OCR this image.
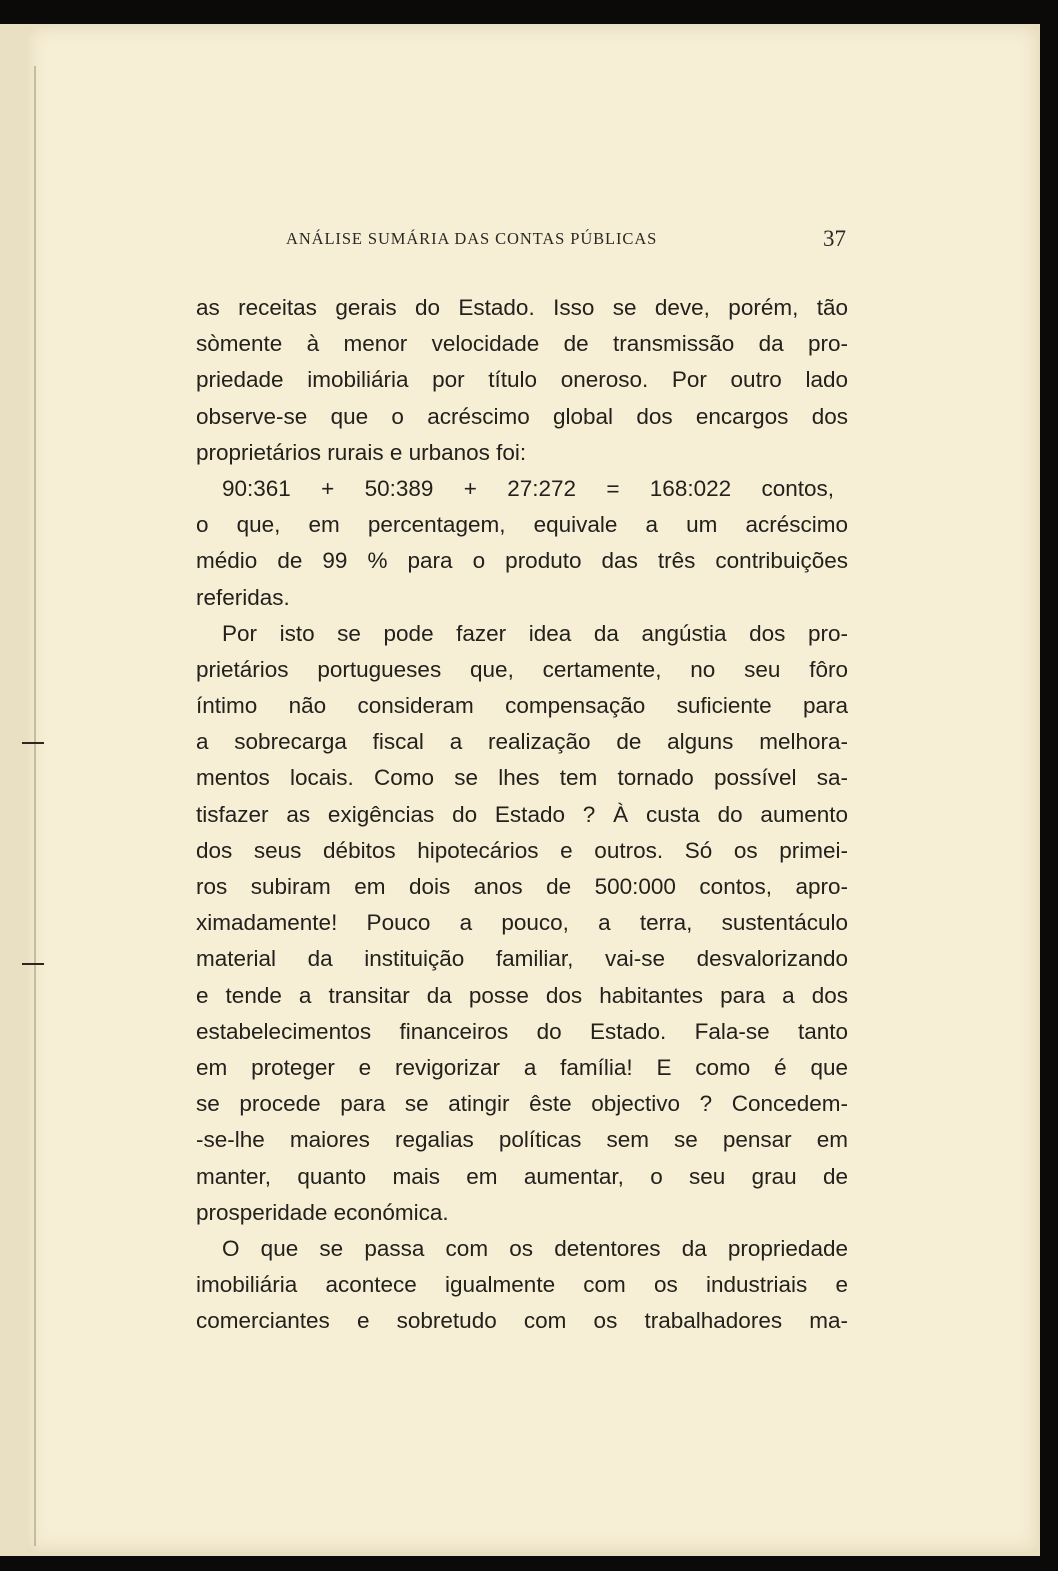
ANÁLISE SUMÁRIA DAS CONTAS PÚBLICAS	37
as receitas gerais do Estado. Isso se deve, porém, tão
sòmente à menor velocidade de transmissão da pro-
priedade imobiliária por título oneroso. Por outro lado
observe-se que o acréscimo global dos encargos dos
proprietários rurais e urbanos foi:
90:361 + 50:389 + 27:272 = 168:022 contos,
o que, em percentagem, equivale a um acréscimo
médio de 99 % para o produto das três contribuições
referidas.
Por isto se pode fazer idea da angústia dos pro-
prietários portugueses que, certamente, no seu fôro
íntimo não consideram compensação suficiente para
a sobrecarga fiscal a realização de alguns melhora-
mentos locais. Como se lhes tem tornado possível sa-
tisfazer as exigências do Estado ? À custa do aumento
dos seus débitos hipotecários e outros. Só os primei-
ros subiram em dois anos de 500:000 contos, apro-
ximadamente! Pouco a pouco, a terra, sustentáculo
material da instituição familiar, vai-se desvalorizando
e tende a transitar da posse dos habitantes para a dos
estabelecimentos financeiros do Estado. Fala-se tanto
em proteger e revigorizar a família! E como é que
se procede para se atingir êste objectivo ? Concedem-
-se-lhe maiores regalias políticas sem se pensar em
manter, quanto mais em aumentar, o seu grau de
prosperidade económica.
O que se passa com os detentores da propriedade
imobiliária acontece igualmente com os industriais e
comerciantes e sobretudo com os trabalhadores ma-
